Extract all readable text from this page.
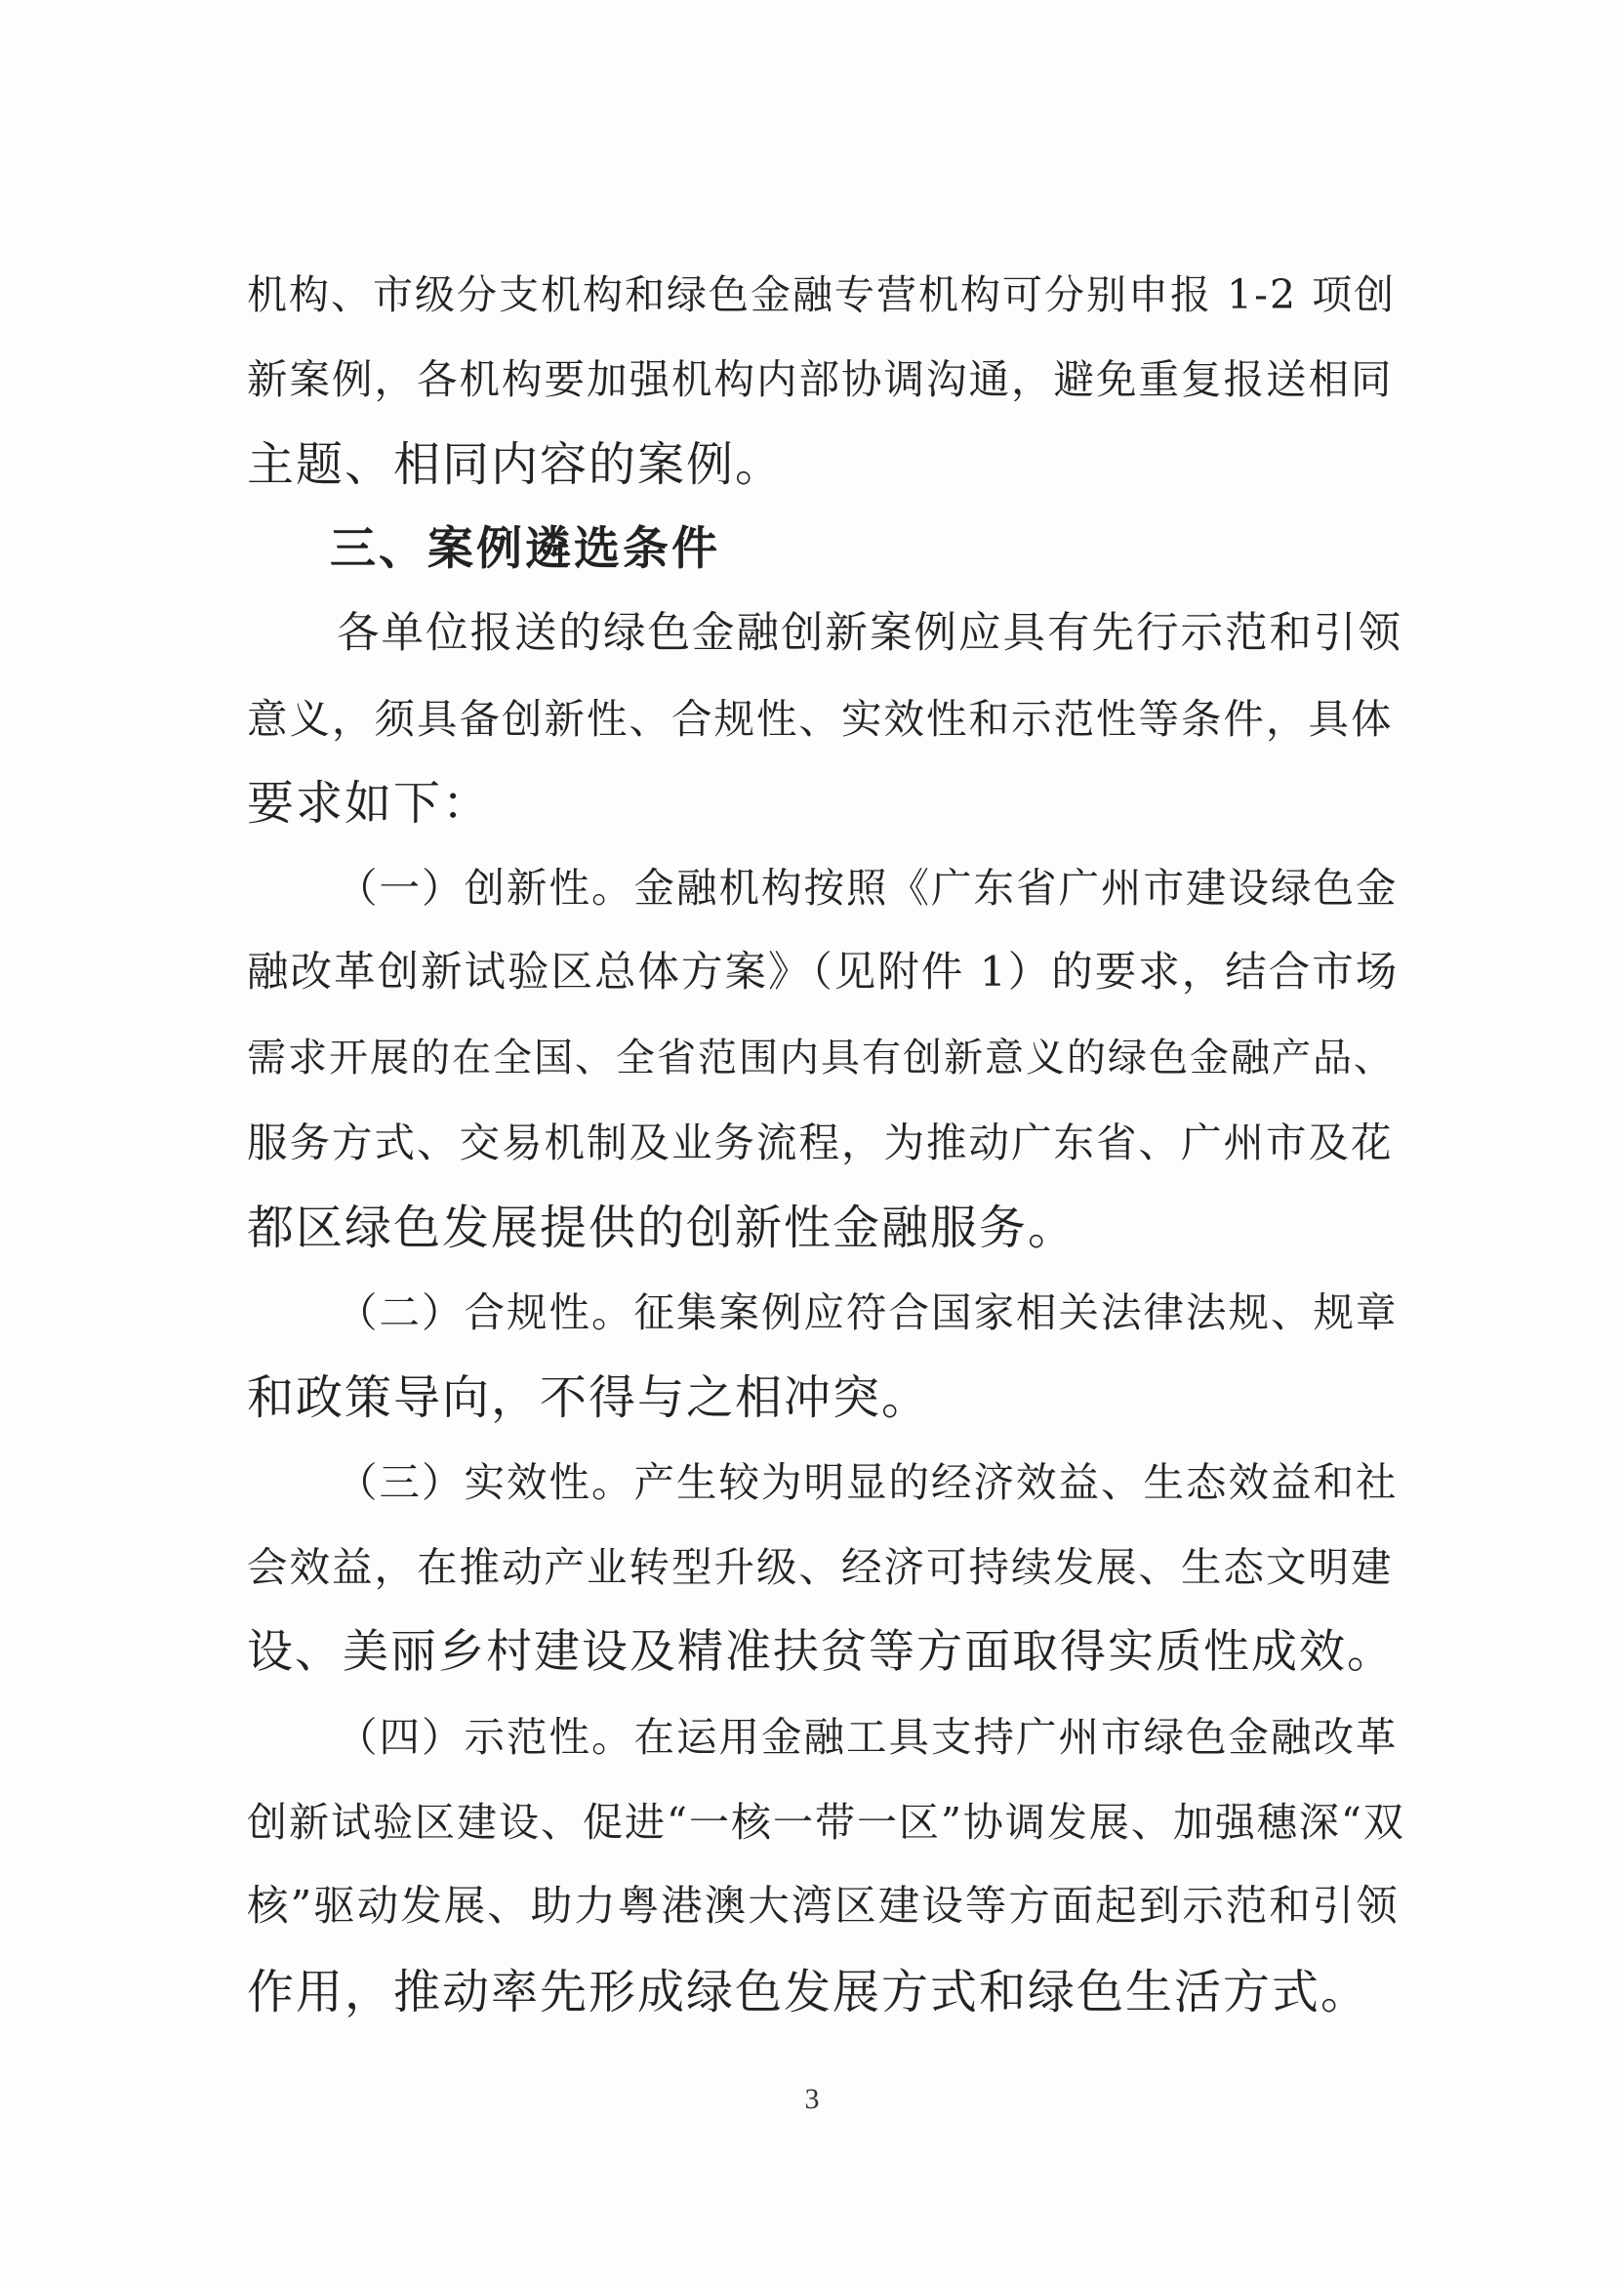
机构、市级分支机构和绿色金融专营机构可分别申报 1-2 项创
新案例，各机构要加强机构内部协调沟通，避免重复报送相同
主题、相同内容的案例。
三、案例遴选条件
各单位报送的绿色金融创新案例应具有先行示范和引领
意义，须具备创新性、合规性、实效性和示范性等条件，具体
要求如下：
（一）创新性。金融机构按照《广东省广州市建设绿色金
融改革创新试验区总体方案》（见附件 1）的要求，结合市场
需求开展的在全国、全省范围内具有创新意义的绿色金融产品、
服务方式、交易机制及业务流程，为推动广东省、广州市及花
都区绿色发展提供的创新性金融服务。
（二）合规性。征集案例应符合国家相关法律法规、规章
和政策导向，不得与之相冲突。
（三）实效性。产生较为明显的经济效益、生态效益和社
会效益，在推动产业转型升级、经济可持续发展、生态文明建
设、美丽乡村建设及精准扶贫等方面取得实质性成效。
（四）示范性。在运用金融工具支持广州市绿色金融改革
创新试验区建设、促进“一核一带一区”协调发展、加强穗深“双
核”驱动发展、助力粤港澳大湾区建设等方面起到示范和引领
作用，推动率先形成绿色发展方式和绿色生活方式。
3
